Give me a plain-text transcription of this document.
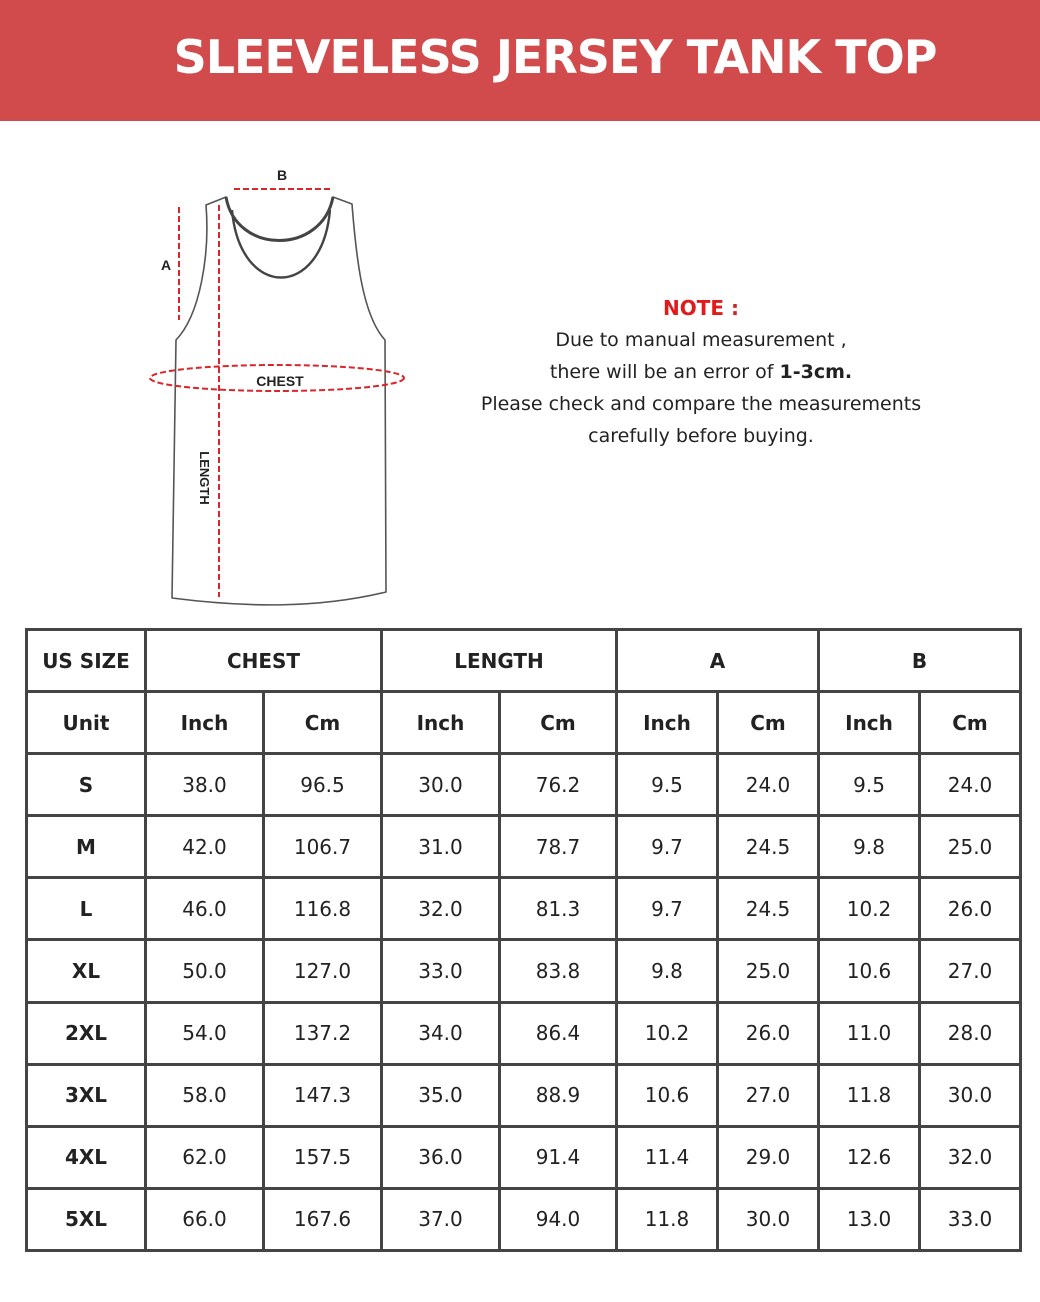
SLEEVELESS JERSEY TANK TOP
B
A
CHEST
LENGTH
NOTE :
Due to manual measurement ,
there will be an error of 1-3cm.
Please check and compare the measurements
carefully before buying.
US SIZE	CHEST		LENGTH		A		B	
Unit	Inch	Cm	Inch	Cm	Inch	Cm	Inch	Cm
S	38.0	96.5	30.0	76.2	9.5	24.0	9.5	24.0
M	42.0	106.7	31.0	78.7	9.7	24.5	9.8	25.0
L	46.0	116.8	32.0	81.3	9.7	24.5	10.2	26.0
XL	50.0	127.0	33.0	83.8	9.8	25.0	10.6	27.0
2XL	54.0	137.2	34.0	86.4	10.2	26.0	11.0	28.0
3XL	58.0	147.3	35.0	88.9	10.6	27.0	11.8	30.0
4XL	62.0	157.5	36.0	91.4	11.4	29.0	12.6	32.0
5XL	66.0	167.6	37.0	94.0	11.8	30.0	13.0	33.0
